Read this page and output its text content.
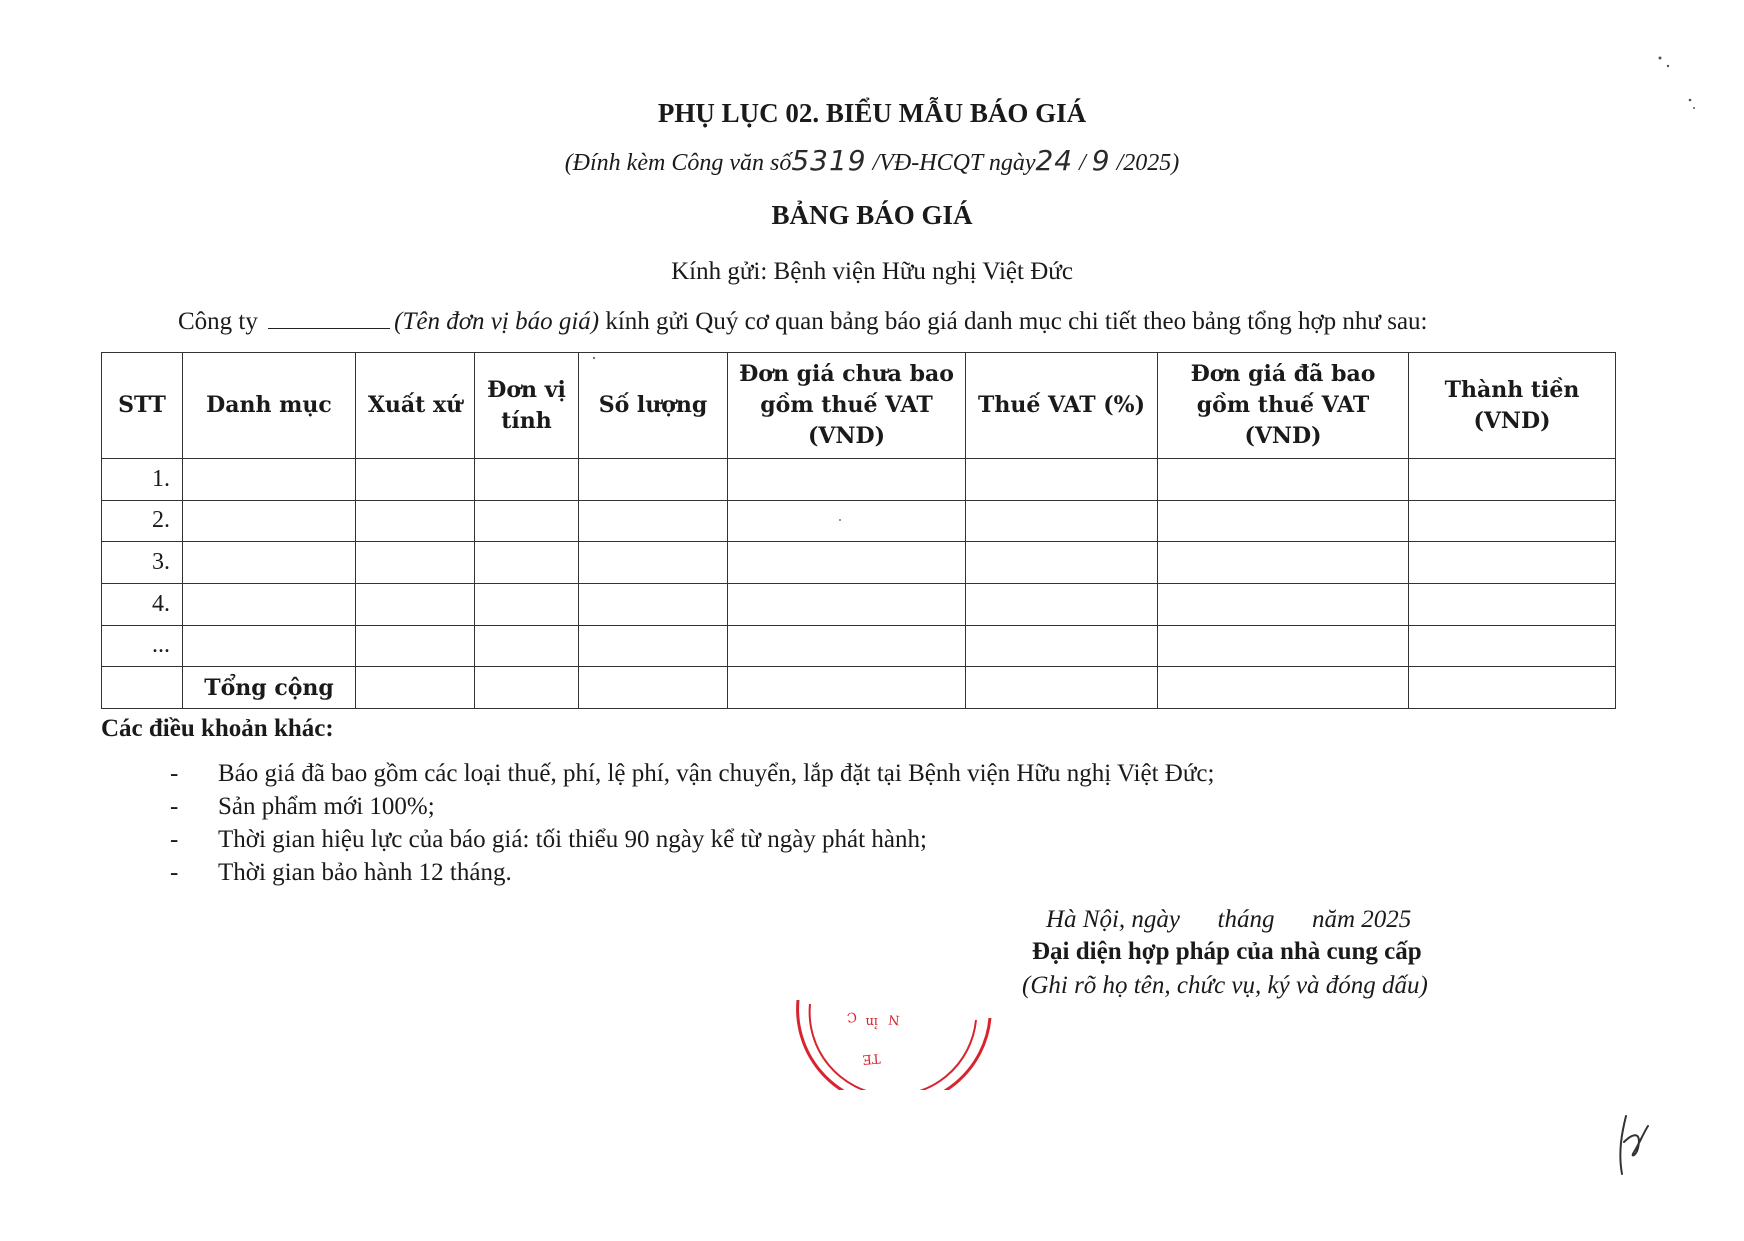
PHỤ LỤC 02. BIỂU MẪU BÁO GIÁ
(Đính kèm Công văn số5319 /VĐ-HCQT ngày24 / 9 /2025)
BẢNG BÁO GIÁ
Kính gửi: Bệnh viện Hữu nghị Việt Đức
Công ty	(Tên đơn vị báo giá) kính gửi Quý cơ quan bảng báo giá danh mục chi tiết theo bảng tổng hợp như sau:
STT	Danh mục	Xuất xứ	Đơn vị tính	Số lượng	Đơn giá chưa bao gồm thuế VAT (VND)	Thuế VAT (%)	Đơn giá đã bao gồm thuế VAT (VND)	Thành tiền (VND)
1.								
2.								
3.								
4.								
...								
	Tổng cộng							
Các điều khoản khác:
- Báo giá đã bao gồm các loại thuế, phí, lệ phí, vận chuyển, lắp đặt tại Bệnh viện Hữu nghị Việt Đức;
- Sản phẩm mới 100%;
- Thời gian hiệu lực của báo giá: tối thiểu 90 ngày kể từ ngày phát hành;
- Thời gian bảo hành 12 tháng.
Hà Nội, ngày      tháng      năm 2025
Đại diện hợp pháp của nhà cung cấp
(Ghi rõ họ tên, chức vụ, ký và đóng dấu)
C ỉn N
TE
